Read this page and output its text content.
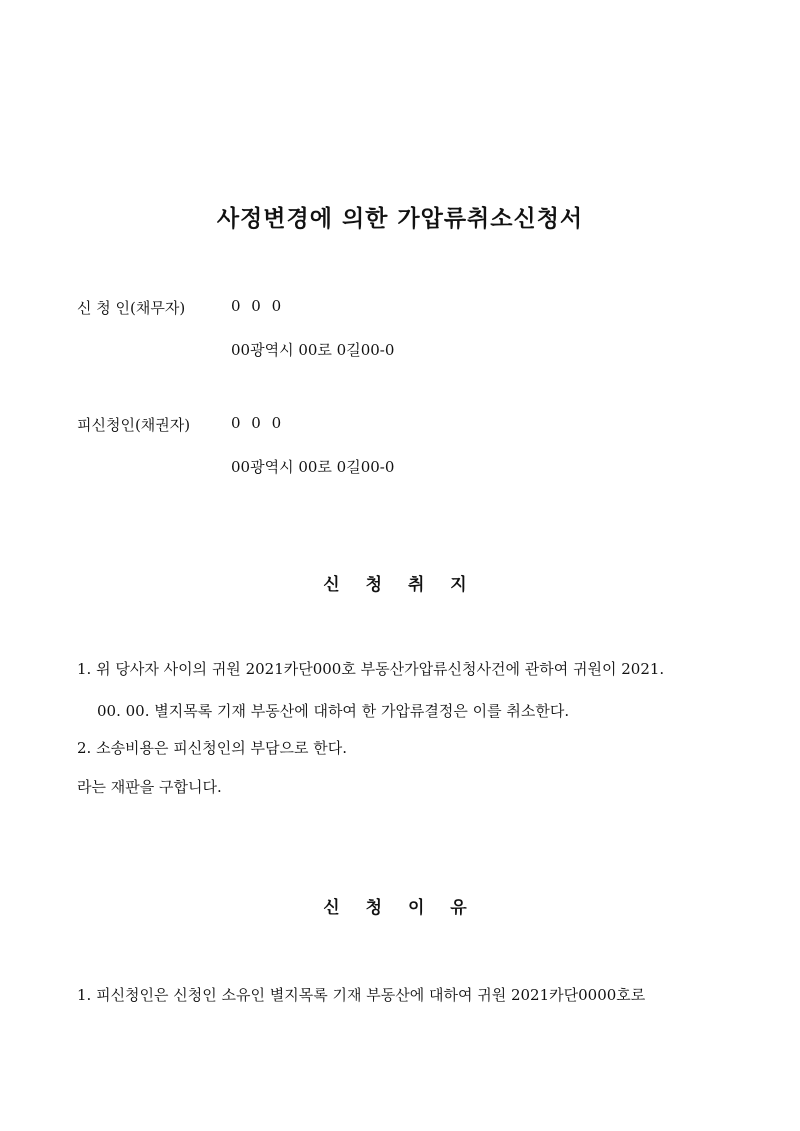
사정변경에 의한 가압류취소신청서
신 청 인(채무자)	0 0 0
00광역시 00로 0길00-0
피신청인(채권자)	0 0 0
00광역시 00로 0길00-0
신 청 취 지
1. 위 당사자 사이의 귀원 2021카단000호 부동산가압류신청사건에 관하여 귀원이 2021.
00. 00. 별지목록 기재 부동산에 대하여 한 가압류결정은 이를 취소한다.
2. 소송비용은 피신청인의 부담으로 한다.
라는 재판을 구합니다.
신 청 이 유
1. 피신청인은 신청인 소유인 별지목록 기재 부동산에 대하여 귀원 2021카단0000호로
